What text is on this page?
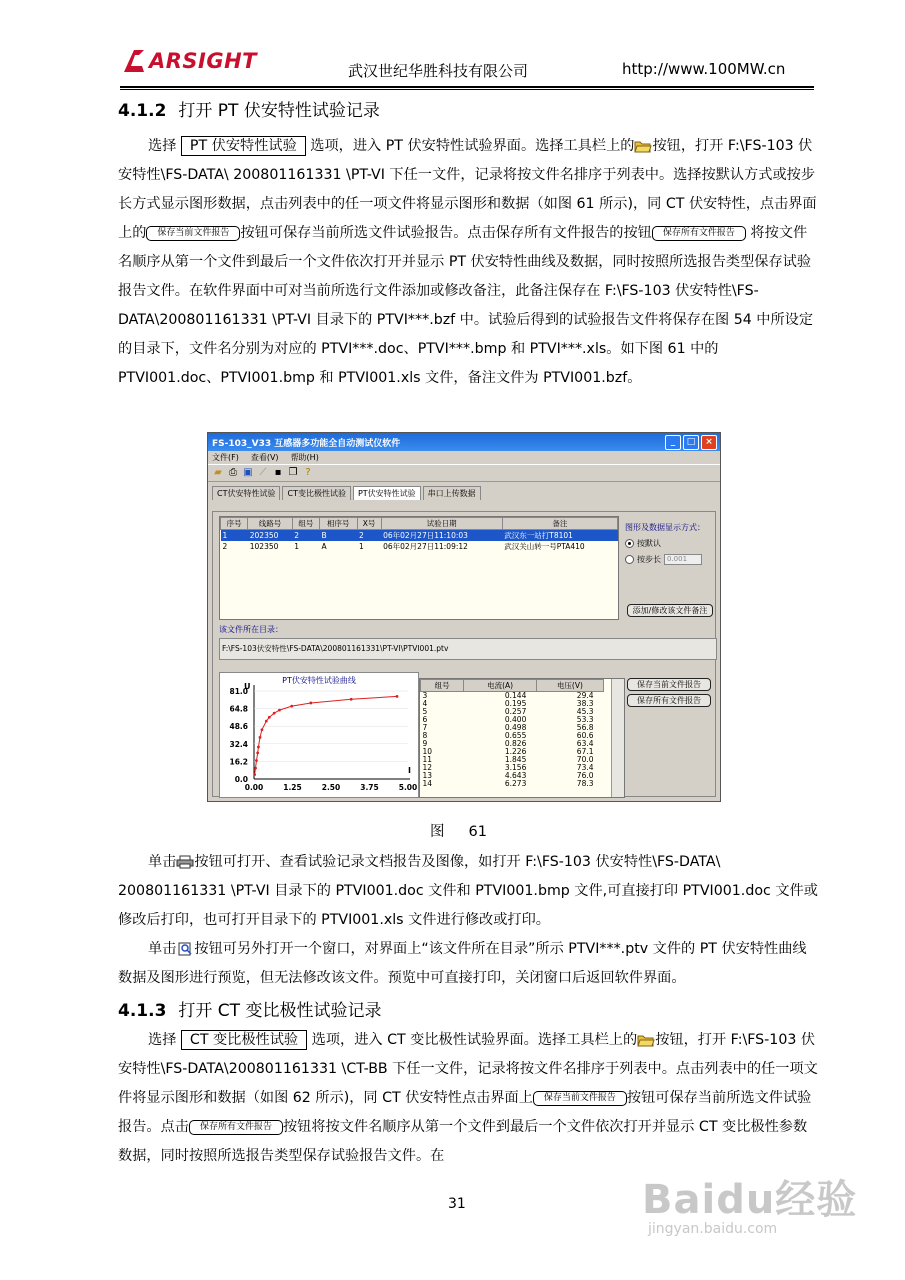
ARSIGHT	武汉世纪华胜科技有限公司	http://www.100MW.cn
4.1.2 打开 PT 伏安特性试验记录

选择 PT 伏安特性试验 选项，进入 PT 伏安特性试验界面。选择工具栏上的 按钮，打开 F:\FS-103 伏安特性\FS-DATA\ 200801161331 \PT-VI 下任一文件，记录将按文件名排序于列表中。选择按默认方式或按步长方式显示图形数据，点击列表中的任一项文件将显示图形和数据（如图 61 所示)，同 CT 伏安特性，点击界面上的 保存当前文件报告 按钮可保存当前所选文件试验报告。点击保存所有文件报告的按钮 保存所有文件报告 将按文件名顺序从第一个文件到最后一个文件依次打开并显示 PT 伏安特性曲线及数据，同时按照所选报告类型保存试验报告文件。在软件界面中可对当前所选行文件添加或修改备注，此备注保存在 F:\FS-103 伏安特性\FS-DATA\200801161331 \PT-VI 目录下的 PTVI***.bzf 中。试验后得到的试验报告文件将保存在图 54 中所设定的目录下，文件名分别为对应的 PTVI***.doc、PTVI***.bmp 和 PTVI***.xls。如下图 61 中的 PTVI001.doc、PTVI001.bmp 和 PTVI001.xls 文件，备注文件为 PTVI001.bzf。

FS-103_V33 互感器多功能全自动测试仪软件	_	□	×
文件(F) 查看(V) 帮助(H)
▰ ⎙ ▣ ⟋ ▪ ❐ ?
CT伏安特性试验	CT变比极性试验	PT伏安特性试验	串口上传数据
序号	线路号	组号	相序号	X号	试验日期	备注
1	202350	2	B	2	06年02月27日11:10:03	武汉东一站打T8101
2	102350	1	A	1	06年02月27日11:09:12	武汉关山转一号PTA410
图形及数据显示方式：
按默认
按步长 0.001
添加/修改该文件备注
该文件所在目录：
F:\FS-103伏安特性\FS-DATA\200801161331\PT-VI\PTVI001.ptv
PT伏安特性试验曲线
U
I
0.0
16.2
32.4
48.6
64.8
81.0
0.00	1.25	2.50	3.75	5.00
组号	电流(A)	电压(V)
3	0.144	29.4
4	0.195	38.3
5	0.257	45.3
6	0.400	53.3
7	0.498	56.8
8	0.655	60.6
9	0.826	63.4
10	1.226	67.1
11	1.845	70.0
12	3.156	73.4
13	4.643	76.0
14	6.273	78.3
保存当前文件报告
保存所有文件报告
图 61

单击 按钮可打开、查看试验记录文档报告及图像，如打开 F:\FS-103 伏安特性\FS-DATA\ 200801161331 \PT-VI 目录下的 PTVI001.doc 文件和 PTVI001.bmp 文件,可直接打印 PTVI001.doc 文件或修改后打印，也可打开目录下的 PTVI001.xls 文件进行修改或打印。

单击 按钮可另外打开一个窗口，对界面上“该文件所在目录”所示 PTVI***.ptv 文件的 PT 伏安特性曲线数据及图形进行预览，但无法修改该文件。预览中可直接打印，关闭窗口后返回软件界面。

4.1.3 打开 CT 变比极性试验记录

选择 CT 变比极性试验 选项，进入 CT 变比极性试验界面。选择工具栏上的 按钮，打开 F:\FS-103 伏安特性\FS-DATA\200801161331 \CT-BB 下任一文件，记录将按文件名排序于列表中。点击列表中的任一项文件将显示图形和数据（如图 62 所示)，同 CT 伏安特性点击界面上 保存当前文件报告 按钮可保存当前所选文件试验报告。点击 保存所有文件报告 按钮将按文件名顺序从第一个文件到最后一个文件依次打开并显示 CT 变比极性参数数据，同时按照所选报告类型保存试验报告文件。在

31	Baidu经验
jingyan.baidu.com
